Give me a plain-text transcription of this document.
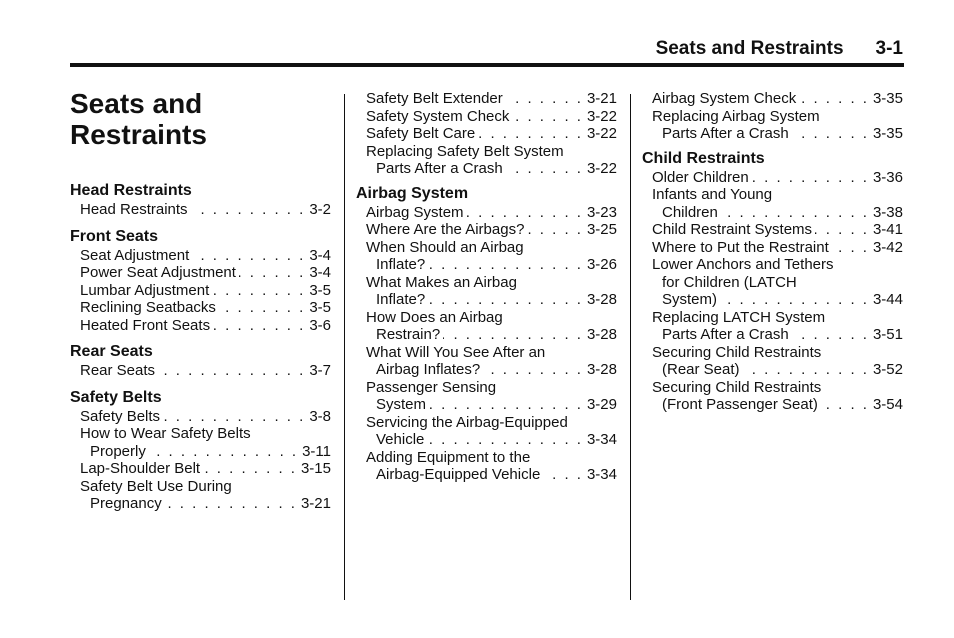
Seats and Restraints 3-1
Seats and Restraints
Head Restraints
Head Restraints . . .	3-2
Front Seats
Seat Adjustment . . .	3-4
Power Seat Adjustment . . .	3-4
Lumbar Adjustment . . .	3-5
Reclining Seatbacks . . .	3-5
Heated Front Seats . . .	3-6
Rear Seats
Rear Seats . . .	3-7
Safety Belts
Safety Belts . . .	3-8
How to Wear Safety Belts
Properly . . .	3-11
Lap-Shoulder Belt . . .	3-15
Safety Belt Use During
Pregnancy . . .	3-21
Safety Belt Extender . . .	3-21
Safety System Check . . .	3-22
Safety Belt Care . . .	3-22
Replacing Safety Belt System
Parts After a Crash . . .	3-22
Airbag System
Airbag System . . .	3-23
Where Are the Airbags? . . .	3-25
When Should an Airbag
Inflate? . . .	3-26
What Makes an Airbag
Inflate? . . .	3-28
How Does an Airbag
Restrain? . . .	3-28
What Will You See After an
Airbag Inflates? . . .	3-28
Passenger Sensing
System . . .	3-29
Servicing the Airbag-Equipped
Vehicle . . .	3-34
Adding Equipment to the
Airbag-Equipped Vehicle . . .	3-34
Airbag System Check . . .	3-35
Replacing Airbag System
Parts After a Crash . . .	3-35
Child Restraints
Older Children . . .	3-36
Infants and Young
Children . . .	3-38
Child Restraint Systems . . .	3-41
Where to Put the Restraint . . .	3-42
Lower Anchors and Tethers
for Children (LATCH
System) . . .	3-44
Replacing LATCH System
Parts After a Crash . . .	3-51
Securing Child Restraints
(Rear Seat) . . .	3-52
Securing Child Restraints
(Front Passenger Seat) . . .	3-54
